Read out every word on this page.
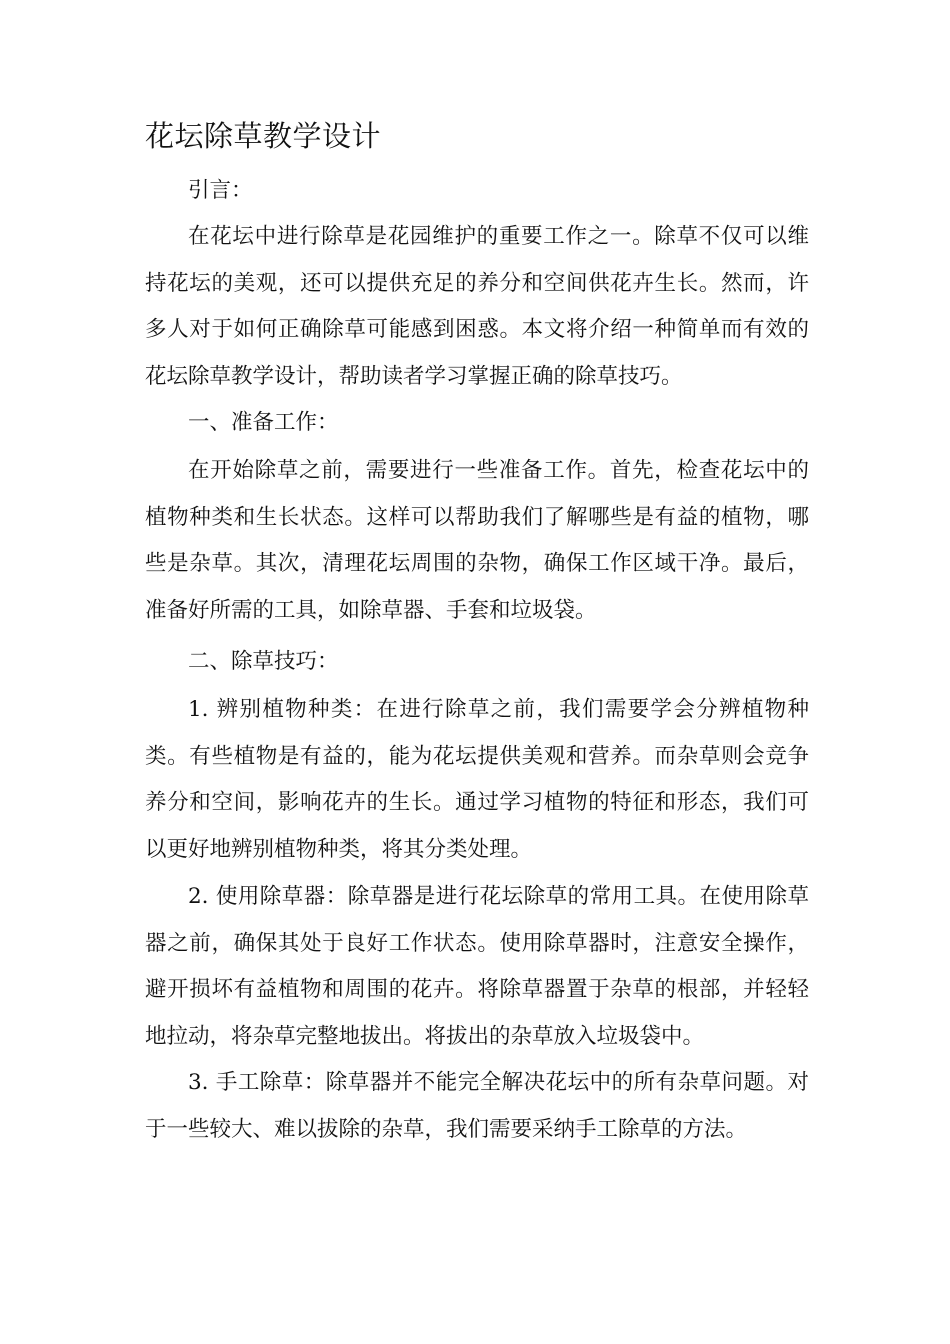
花坛除草教学设计

引言：

在花坛中进行除草是花园维护的重要工作之一。除草不仅可以维持花坛的美观，还可以提供充足的养分和空间供花卉生长。然而，许多人对于如何正确除草可能感到困惑。本文将介绍一种简单而有效的花坛除草教学设计，帮助读者学习掌握正确的除草技巧。

一、准备工作：

在开始除草之前，需要进行一些准备工作。首先，检查花坛中的植物种类和生长状态。这样可以帮助我们了解哪些是有益的植物，哪些是杂草。其次，清理花坛周围的杂物，确保工作区域干净。最后，准备好所需的工具，如除草器、手套和垃圾袋。

二、除草技巧：

1. 辨别植物种类：在进行除草之前，我们需要学会分辨植物种类。有些植物是有益的，能为花坛提供美观和营养。而杂草则会竞争养分和空间，影响花卉的生长。通过学习植物的特征和形态，我们可以更好地辨别植物种类，将其分类处理。

2. 使用除草器：除草器是进行花坛除草的常用工具。在使用除草器之前，确保其处于良好工作状态。使用除草器时，注意安全操作，避开损坏有益植物和周围的花卉。将除草器置于杂草的根部，并轻轻地拉动，将杂草完整地拔出。将拔出的杂草放入垃圾袋中。

3. 手工除草：除草器并不能完全解决花坛中的所有杂草问题。对于一些较大、难以拔除的杂草，我们需要采纳手工除草的方法。
